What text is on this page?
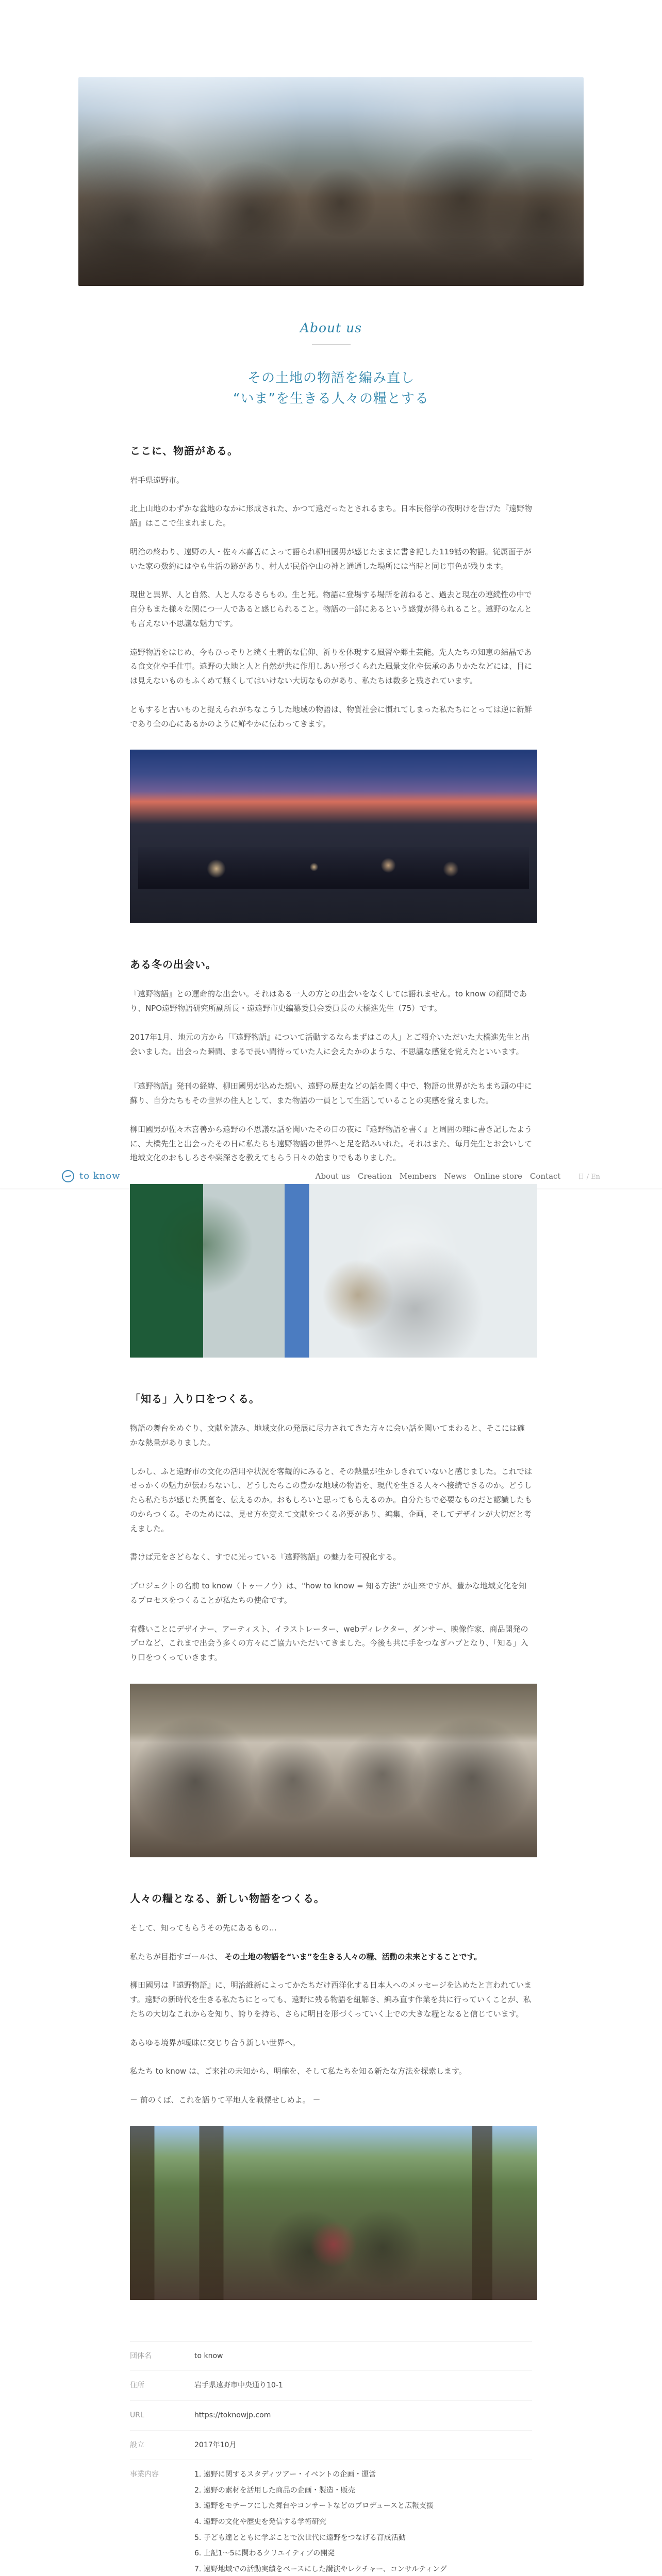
About us
その土地の物語を編み直し
“いま”を生きる人々の糧とする
ここに、物語がある。

岩手県遠野市。

北上山地のわずかな盆地のなかに形成された、かつて遠だったとされるまち。日本民俗学の夜明けを告げた『遠野物語』はここで生まれました。

明治の終わり、遠野の人・佐々木喜善によって語られ柳田國男が感じたままに書き記した119話の物語。従属面子がいた家の数約にはやも生活の跡があり、村人が民俗や山の神と通通した場所には当時と同じ事色が残ります。

現世と異界、人と自然、人と人なるさらもの。生と死。物語に登場する場所を訪ねると、過去と現在の連続性の中で自分もまた様々な関につ一人であると感じられること。物語の一部にあるという感覚が得られること。遠野のなんとも言えない不思議な魅力です。

遠野物語をはじめ、今もひっそりと続く土着的な信仰、祈りを体現する風習や郷土芸能。先人たちの知恵の結晶である食文化や手仕事。遠野の大地と人と自然が共に作用しあい形づくられた風景文化や伝承のありかたなどには、目には見えないものもふくめて無くしてはいけない大切なものがあり、私たちは数多と残されています。

ともすると古いものと捉えられがちなこうした地域の物語は、物質社会に慣れてしまった私たちにとっては逆に新鮮であり全の心にあるかのように鮮やかに伝わってきます。

ある冬の出会い。

『遠野物語』との運命的な出会い。それはある一人の方との出会いをなくしては語れません。to know の顧問であり、NPO遠野物語研究所副所長・遠遠野市史編纂委員会委員長の大橋進先生（75）です。

2017年1月、地元の方から「『遠野物語』について活動するならまずはこの人」とご紹介いただいた大橋進先生と出会いました。出会った瞬間、まるで長い間待っていた人に会えたかのような、不思議な感覚を覚えたといいます。

to know	About us Creation Members News Online store Contact	日 / En

『遠野物語』発刊の経緯、柳田國男が込めた想い、遠野の歴史などの話を聞く中で、物語の世界がたちまち頭の中に蘇り、自分たちもその世界の住人として、また物語の一員として生活していることの実感を覚えました。

柳田國男が佐々木喜善から遠野の不思議な話を聞いたその日の夜に『遠野物語を書く』と周囲の理に書き記したように、大橋先生と出会ったその日に私たちも遠野物語の世界へと足を踏みいれた。それはまた、毎月先生とお会いして地域文化のおもしろさや楽深さを教えてもらう日々の始まりでもありました。

「知る」入り口をつくる。

物語の舞台をめぐり、文献を読み、地域文化の発展に尽力されてきた方々に会い話を聞いてまわると、そこには確かな熱量がありました。

しかし、ふと遠野市の文化の活用や状況を客観的にみると、その熱量が生かしきれていないと感じました。これではせっかくの魅力が伝わらないし、どうしたらこの豊かな地域の物語を、現代を生きる人々へ接続できるのか。どうしたら私たちが感じた興奮を、伝えるのか。おもしろいと思ってもらえるのか。自分たちで必要なものだと認識したものからつくる。そのためには、見せ方を変えて文献をつくる必要があり、編集、企画、そしてデザインが大切だと考えました。

書けば元をさどらなく、すでに光っている『遠野物語』の魅力を可視化する。

プロジェクトの名前 to know（トゥーノウ）は、"how to know = 知る方法" が由来ですが、豊かな地域文化を知るプロセスをつくることが私たちの使命です。

有難いことにデザイナー、アーティスト、イラストレーター、webディレクター、ダンサー、映像作家、商品開発のプロなど、これまで出会う多くの方々にご協力いただいてきました。今後も共に手をつなぎハブとなり、「知る」入り口をつくっていきます。

人々の糧となる、新しい物語をつくる。

そして、知ってもらうその先にあるもの…

私たちが目指すゴールは、 その土地の物語を“いま”を生きる人々の糧、活動の未来とすることです。

柳田國男は『遠野物語』に、明治維新によってかたちだけ西洋化する日本人へのメッセージを込めたと言われています。遠野の新時代を生きる私たちにとっても、遠野に残る物語を紐解き、編み直す作業を共に行っていくことが、私たちの大切なこれからを知り、誇りを持ち、さらに明日を形づくっていく上での大きな糧となると信じています。

あらゆる境界が曖昧に交じり合う新しい世界へ。

私たち to know は、ご来社の未知から、明確を、そして私たちを知る新たな方法を探索します。

－ 前のくば、これを語りて平地人を戦慄せしめよ。 －

団体名	to know
住所	岩手県遠野市中央通り10-1
URL	https://toknowjp.com
設立	2017年10月
事業内容	1. 遠野に関するスタディツアー・イベントの企画・運営
2. 遠野の素材を活用した商品の企画・製造・販売
3. 遠野をモチーフにした舞台やコンサートなどのプロデュースと広報支援
4. 遠野の文化や歴史を発信する学術研究
5. 子ども達とともに学ぶことで次世代に遠野をつなげる育成活動
6. 上記1～5に関わるクリエイティブの開発
7. 遠野地域での活動実績をベースにした講演やレクチャー、コンサルティング
